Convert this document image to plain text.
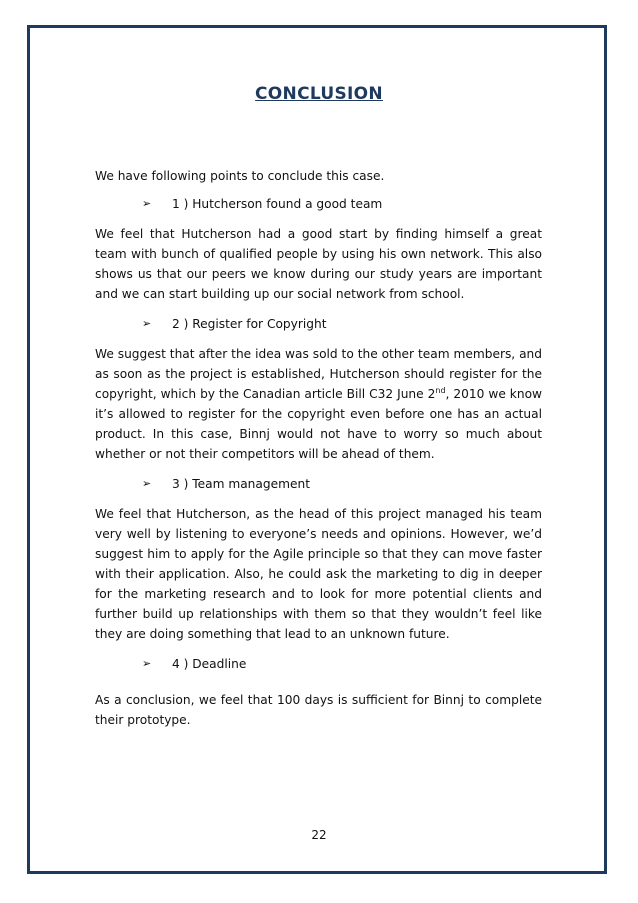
CONCLUSION

We have following points to conclude this case.

➢	1 ) Hutcherson found a good team

We feel that Hutcherson had a good start by finding himself a great team with bunch of qualified people by using his own network. This also shows us that our peers we know during our study years are important and we can start building up our social network from school.

➢	2 ) Register for Copyright

We suggest that after the idea was sold to the other team members, and as soon as the project is established, Hutcherson should register for the copyright, which by the Canadian article Bill C32 June 2nd, 2010 we know it’s allowed to register for the copyright even before one has an actual product. In this case, Binnj would not have to worry so much about whether or not their competitors will be ahead of them.

➢	3 ) Team management

We feel that Hutcherson, as the head of this project managed his team very well by listening to everyone’s needs and opinions. However, we’d suggest him to apply for the Agile principle so that they can move faster with their application. Also, he could ask the marketing to dig in deeper for the marketing research and to look for more potential clients and further build up relationships with them so that they wouldn’t feel like they are doing something that lead to an unknown future.

➢	4 ) Deadline

As a conclusion, we feel that 100 days is sufficient for Binnj to complete their prototype.

22
